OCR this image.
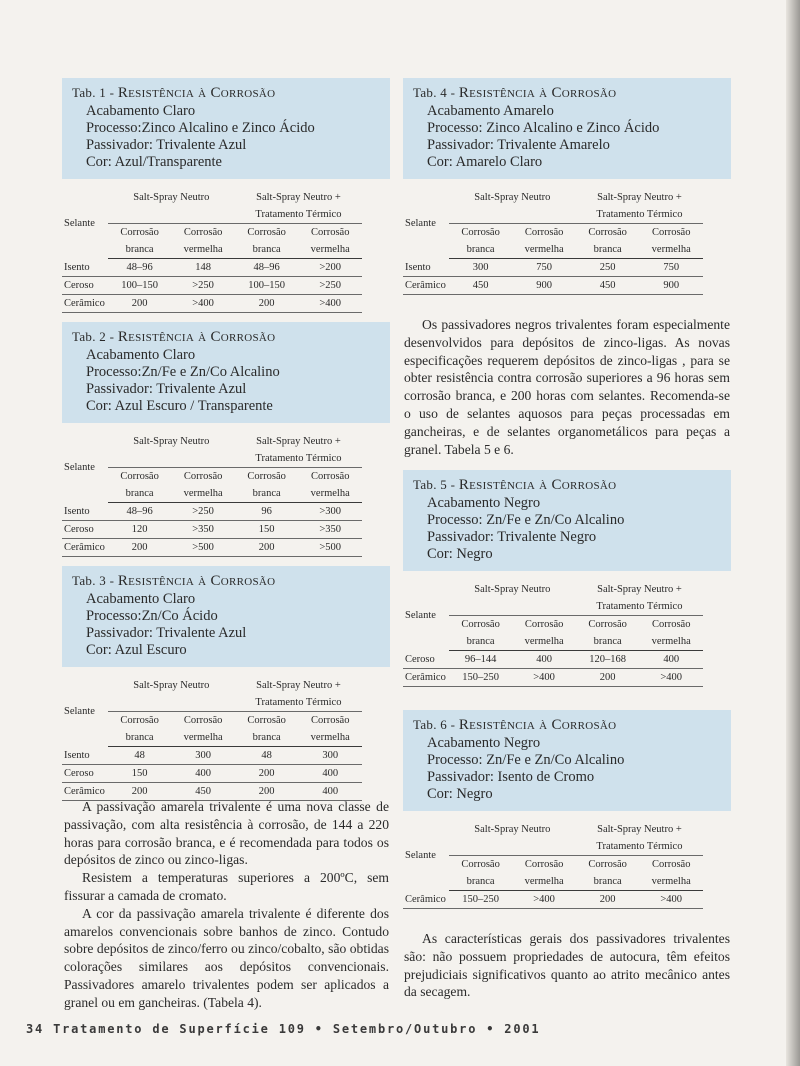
Tab. 1 - Resistência à Corrosão
Acabamento Claro
Processo:Zinco Alcalino e Zinco Ácido
Passivador: Trivalente Azul
Cor: Azul/Transparente
Selante	Salt-Spray Neutro		Salt-Spray Neutro +	
			Tratamento Térmico	
	Corrosão	Corrosão	Corrosão	Corrosão
	branca	vermelha	branca	vermelha
Isento	48–96	148	48–96	>200
Ceroso	100–150	>250	100–150	>250
Cerâmico	200	>400	200	>400
Tab. 2 - Resistência à Corrosão
Acabamento Claro
Processo:Zn/Fe e Zn/Co Alcalino
Passivador: Trivalente Azul
Cor: Azul Escuro / Transparente
Selante	Salt-Spray Neutro		Salt-Spray Neutro +	
			Tratamento Térmico	
	Corrosão	Corrosão	Corrosão	Corrosão
	branca	vermelha	branca	vermelha
Isento	48–96	>250	96	>300
Ceroso	120	>350	150	>350
Cerâmico	200	>500	200	>500
Tab. 3 - Resistência à Corrosão
Acabamento Claro
Processo:Zn/Co Ácido
Passivador: Trivalente Azul
Cor: Azul Escuro
Selante	Salt-Spray Neutro		Salt-Spray Neutro +	
			Tratamento Térmico	
	Corrosão	Corrosão	Corrosão	Corrosão
	branca	vermelha	branca	vermelha
Isento	48	300	48	300
Ceroso	150	400	200	400
Cerâmico	200	450	200	400

A passivação amarela trivalente é uma nova classe de passivação, com alta resistência à corrosão, de 144 a 220 horas para corrosão branca, e é recomendada para todos os depósitos de zinco ou zinco-ligas.

Resistem a temperaturas superiores a 200ºC, sem fissurar a camada de cromato.

A cor da passivação amarela trivalente é diferente dos amarelos convencionais sobre banhos de zinco. Contudo sobre depósitos de zinco/ferro ou zinco/cobalto, são obtidas colorações similares aos depósitos convencionais. Passivadores amarelo trivalentes podem ser aplicados a granel ou em gancheiras. (Tabela 4).

Tab. 4 - Resistência à Corrosão
Acabamento Amarelo
Processo: Zinco Alcalino e Zinco Ácido
Passivador: Trivalente Amarelo
Cor: Amarelo Claro
Selante	Salt-Spray Neutro		Salt-Spray Neutro +	
			Tratamento Térmico	
	Corrosão	Corrosão	Corrosão	Corrosão
	branca	vermelha	branca	vermelha
Isento	300	750	250	750
Cerâmico	450	900	450	900

Os passivadores negros trivalentes foram especialmente desenvolvidos para depósitos de zinco-ligas. As novas especificações requerem depósitos de zinco-ligas , para se obter resistência contra corrosão superiores a 96 horas sem corrosão branca, e 200 horas com selantes. Recomenda-se o uso de selantes aquosos para peças processadas em gancheiras, e de selantes organometálicos para peças a granel. Tabela 5 e 6.

Tab. 5 - Resistência à Corrosão
Acabamento Negro
Processo: Zn/Fe e Zn/Co Alcalino
Passivador: Trivalente Negro
Cor: Negro
Selante	Salt-Spray Neutro		Salt-Spray Neutro +	
			Tratamento Térmico	
	Corrosão	Corrosão	Corrosão	Corrosão
	branca	vermelha	branca	vermelha
Ceroso	96–144	400	120–168	400
Cerâmico	150–250	>400	200	>400
Tab. 6 - Resistência à Corrosão
Acabamento Negro
Processo: Zn/Fe e Zn/Co Alcalino
Passivador: Isento de Cromo
Cor: Negro
Selante	Salt-Spray Neutro		Salt-Spray Neutro +	
			Tratamento Térmico	
	Corrosão	Corrosão	Corrosão	Corrosão
	branca	vermelha	branca	vermelha
Cerâmico	150–250	>400	200	>400

As características gerais dos passivadores trivalentes são: não possuem propriedades de autocura, têm efeitos prejudiciais significativos quanto ao atrito mecânico antes da secagem.

34 Tratamento de Superfície 109 • Setembro/Outubro • 2001
